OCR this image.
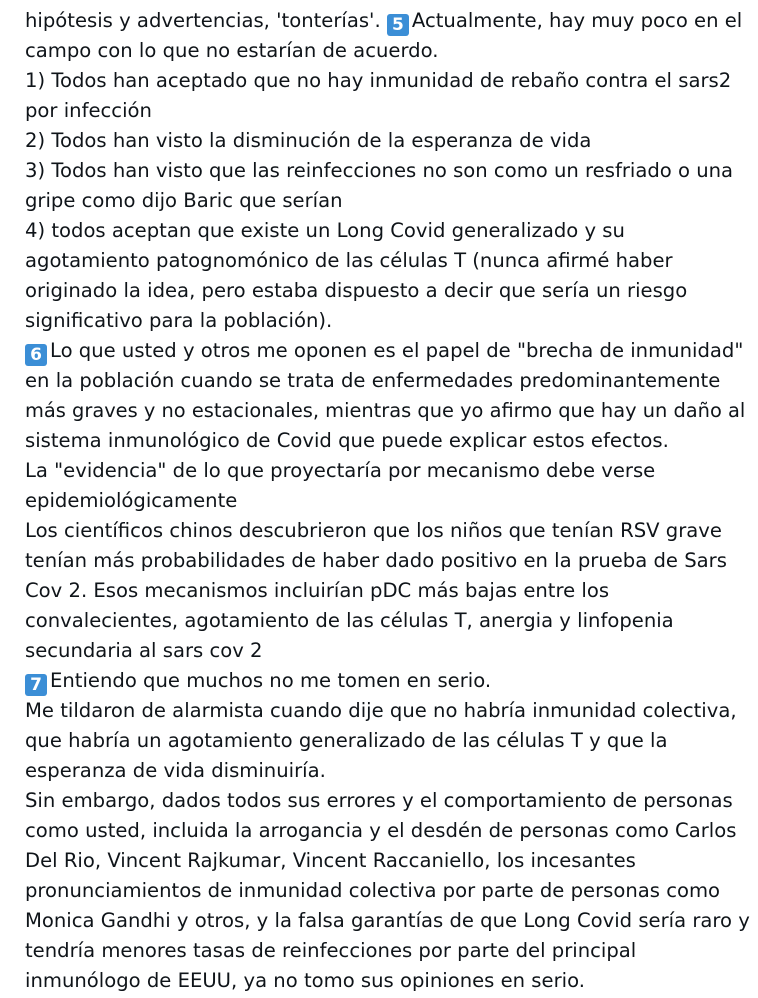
hipótesis y advertencias, 'tonterías'. 5 Actualmente, hay muy poco en el
campo con lo que no estarían de acuerdo.
1) Todos han aceptado que no hay inmunidad de rebaño contra el sars2
por infección
2) Todos han visto la disminución de la esperanza de vida
3) Todos han visto que las reinfecciones no son como un resfriado o una
gripe como dijo Baric que serían
4) todos aceptan que existe un Long Covid generalizado y su
agotamiento patognomónico de las células T (nunca afirmé haber
originado la idea, pero estaba dispuesto a decir que sería un riesgo
significativo para la población).
6 Lo que usted y otros me oponen es el papel de "brecha de inmunidad"
en la población cuando se trata de enfermedades predominantemente
más graves y no estacionales, mientras que yo afirmo que hay un daño al
sistema inmunológico de Covid que puede explicar estos efectos.
La "evidencia" de lo que proyectaría por mecanismo debe verse
epidemiológicamente
Los científicos chinos descubrieron que los niños que tenían RSV grave
tenían más probabilidades de haber dado positivo en la prueba de Sars
Cov 2. Esos mecanismos incluirían pDC más bajas entre los
convalecientes, agotamiento de las células T, anergia y linfopenia
secundaria al sars cov 2
7 Entiendo que muchos no me tomen en serio.
Me tildaron de alarmista cuando dije que no habría inmunidad colectiva,
que habría un agotamiento generalizado de las células T y que la
esperanza de vida disminuiría.
Sin embargo, dados todos sus errores y el comportamiento de personas
como usted, incluida la arrogancia y el desdén de personas como Carlos
Del Rio, Vincent Rajkumar, Vincent Raccaniello, los incesantes
pronunciamientos de inmunidad colectiva por parte de personas como
Monica Gandhi y otros, y la falsa garantías de que Long Covid sería raro y
tendría menores tasas de reinfecciones por parte del principal
inmunólogo de EEUU, ya no tomo sus opiniones en serio.
